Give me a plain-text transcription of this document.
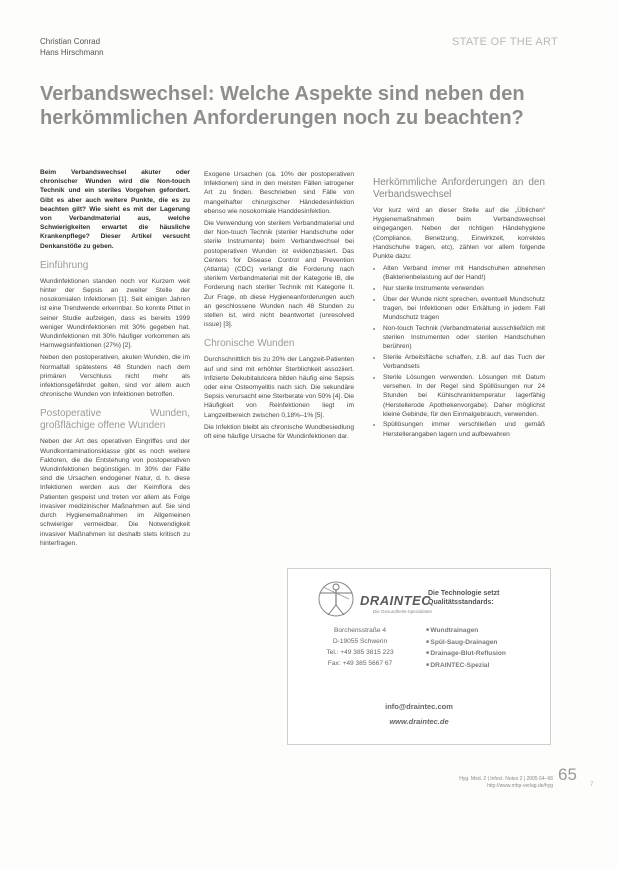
Christian Conrad
Hans Hirschmann
STATE OF THE ART
Verbandswechsel: Welche Aspekte sind neben den herkömmlichen Anforderungen noch zu beachten?

Beim Verbandswechsel akuter oder chronischer Wunden wird die Non-touch Technik und ein steriles Vorgehen gefordert. Gibt es aber auch weitere Punkte, die es zu beachten gilt? Wie sieht es mit der Lagerung von Verbandmaterial aus, welche Schwierigkeiten erwartet die häusliche Krankenpflege? Dieser Artikel versucht Denkanstöße zu geben.

Einführung

Wundinfektionen standen noch vor Kurzem weit hinter der Sepsis an zweiter Stelle der nosokomialen Infektionen [1]. Seit einigen Jahren ist eine Trendwende erkennbar. So konnte Pittet in seiner Studie aufzeigen, dass es bereits 1999 weniger Wundinfektionen mit 30% gegeben hat. Wundinfektionen mit 30% häufiger vorkommen als Harnwegsinfektionen (27%) [2].

Neben den postoperativen, akuten Wunden, die im Normalfall spätestens 48 Stunden nach dem primären Verschluss nicht mehr als infektionsgefährdet gelten, sind vor allem auch chronische Wunden von Infektionen betroffen.

Postoperative Wunden, großflächige offene Wunden

Neben der Art des operativen Eingriffes und der Wundkontaminationsklasse gibt es noch weitere Faktoren, die die Entstehung von postoperativen Wundinfektionen begünstigen. In 30% der Fälle sind die Ursachen endogener Natur, d. h. diese Infektionen werden aus der Keimflora des Patienten gespeist und treten vor allem als Folge invasiver medizinischer Maßnahmen auf. Sie sind durch Hygienemaßnahmen im Allgemeinen schwieriger vermeidbar. Die Notwendigkeit invasiver Maßnahmen ist deshalb stets kritisch zu hinterfragen.

Exogene Ursachen (ca. 10% der postoperativen Infektionen) sind in den meisten Fällen iatrogener Art zu finden. Beschrieben sind Fälle von mangelhafter chirurgischer Händedesinfektion ebenso wie nosokomiale Handdesinfektion.

Die Verwendung von sterilem Verbandmaterial und der Non-touch Technik (steriler Handschuhe oder sterile Instrumente) beim Verbandwechsel bei postoperativen Wunden ist evidenzbasiert. Das Centers for Disease Control and Prevention (Atlanta) (CDC) verlangt die Forderung nach sterilem Verbandmaterial mit der Kategorie IB, die Forderung nach steriler Technik mit Kategorie II. Zur Frage, ob diese Hygieneanforderungen auch an geschlossene Wunden nach 48 Stunden zu stellen ist, wird nicht beantwortet (unresolved issue) [3].

Chronische Wunden

Durchschnittlich bis zu 20% der Langzeit-Patienten auf und sind mit erhöhter Sterblichkeit assoziiert. Infizierte Dekubitalulcera bilden häufig eine Sepsis oder eine Osteomyelitis nach sich. Die sekundäre Sepsis verursacht eine Sterberate von 50% [4]. Die Häufigkeit von Reinfektionen liegt im Langzeitbereich zwischen 0,18%–1% [5].

Die Infektion bleibt als chronische Wundbesiedlung oft eine häufige Ursache für Wundinfektionen dar.

Herkömmliche Anforderungen an den Verbandswechsel

Vor kurz wird an dieser Stelle auf die „Üblichen“ Hygienemaßnahmen beim Verbandswechsel eingegangen. Neben der richtigen Händehygiene (Compliance, Benetzung, Einwirkzeit, korrektes Handschuhe tragen, etc), zählen vor allem folgende Punkte dazu:

• Alten Verband immer mit Handschuhen abnehmen (Bakterienbelastung auf der Hand!)
• Nur sterile Instrumente verwenden
• Über der Wunde nicht sprechen, eventuell Mundschutz tragen, bei Infektionen oder Erkältung in jedem Fall Mundschutz tragen
• Non-touch Technik (Verbandmaterial ausschließlich mit sterilen Instrumenten oder sterilen Handschuhen berühren)
• Sterile Arbeitsfläche schaffen, z.B. auf das Tuch der Verbandsets
• Sterile Lösungen verwenden. Lösungen mit Datum versehen. In der Regel sind Spüllösungen nur 24 Stunden bei Kühlschranktemperatur lagerfähig (Herstellerode Apothekenvorgabe). Daher möglichst kleine Gebinde, für den Einmalgebrauch, verwenden.
• Spüllösungen immer verschließen und gemäß Herstellerangaben lagern und aufbewahren
DRAINTEC
Die Gesundheits-Spezialisten
Die Technologie setzt Qualitätsstandards:
Borchensstraße 4
D-19055 Schwerin
Tel.: +49 385 3815 223
Fax: +49 385 5667 67
■ Wundtrainagen
■ Spül-Saug-Drainagen
■ Drainage-Blut-Reflusion
■ DRAINTEC-Spezial
info@draintec.com
www.draintec.de
Hyg. Med. 2 | Infect. Notes 2 | 2005 64–66
http://www.mhp-verlag.de/hyg
65
7
